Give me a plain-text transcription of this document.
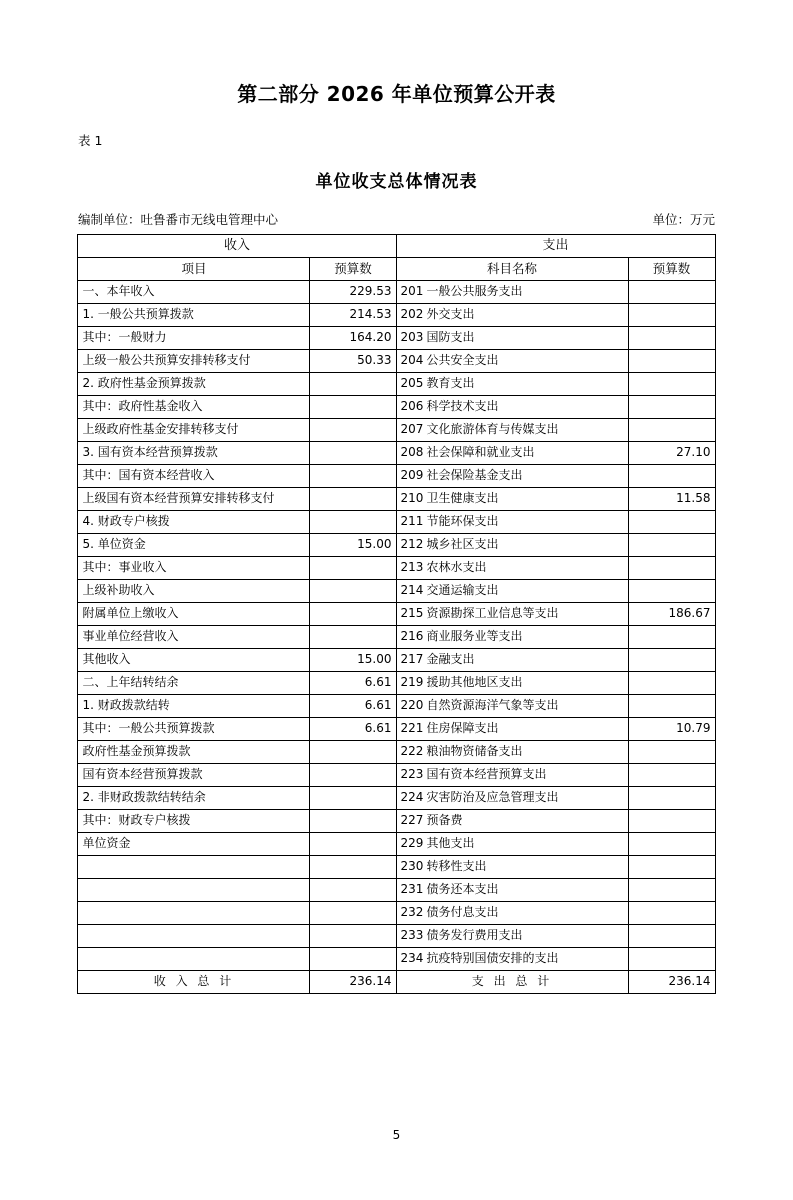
第二部分 2026 年单位预算公开表
表 1
单位收支总体情况表
编制单位：吐鲁番市无线电管理中心	单位：万元
收入		支出	
项目	预算数	科目名称	预算数
一、本年收入	229.53	201 一般公共服务支出	
1. 一般公共预算拨款	214.53	202 外交支出	
其中：一般财力	164.20	203 国防支出	
上级一般公共预算安排转移支付	50.33	204 公共安全支出	
2. 政府性基金预算拨款		205 教育支出	
其中：政府性基金收入		206 科学技术支出	
上级政府性基金安排转移支付		207 文化旅游体育与传媒支出	
3. 国有资本经营预算拨款		208 社会保障和就业支出	27.10
其中：国有资本经营收入		209 社会保险基金支出	
上级国有资本经营预算安排转移支付		210 卫生健康支出	11.58
4. 财政专户核拨		211 节能环保支出	
5. 单位资金	15.00	212 城乡社区支出	
其中：事业收入		213 农林水支出	
上级补助收入		214 交通运输支出	
附属单位上缴收入		215 资源勘探工业信息等支出	186.67
事业单位经营收入		216 商业服务业等支出	
其他收入	15.00	217 金融支出	
二、上年结转结余	6.61	219 援助其他地区支出	
1. 财政拨款结转	6.61	220 自然资源海洋气象等支出	
其中：一般公共预算拨款	6.61	221 住房保障支出	10.79
政府性基金预算拨款		222 粮油物资储备支出	
国有资本经营预算拨款		223 国有资本经营预算支出	
2. 非财政拨款结转结余		224 灾害防治及应急管理支出	
其中：财政专户核拨		227 预备费	
单位资金		229 其他支出	
		230 转移性支出	
		231 债务还本支出	
		232 债务付息支出	
		233 债务发行费用支出	
		234 抗疫特别国债安排的支出	
收 入 总 计	236.14	支 出 总 计	236.14
5
